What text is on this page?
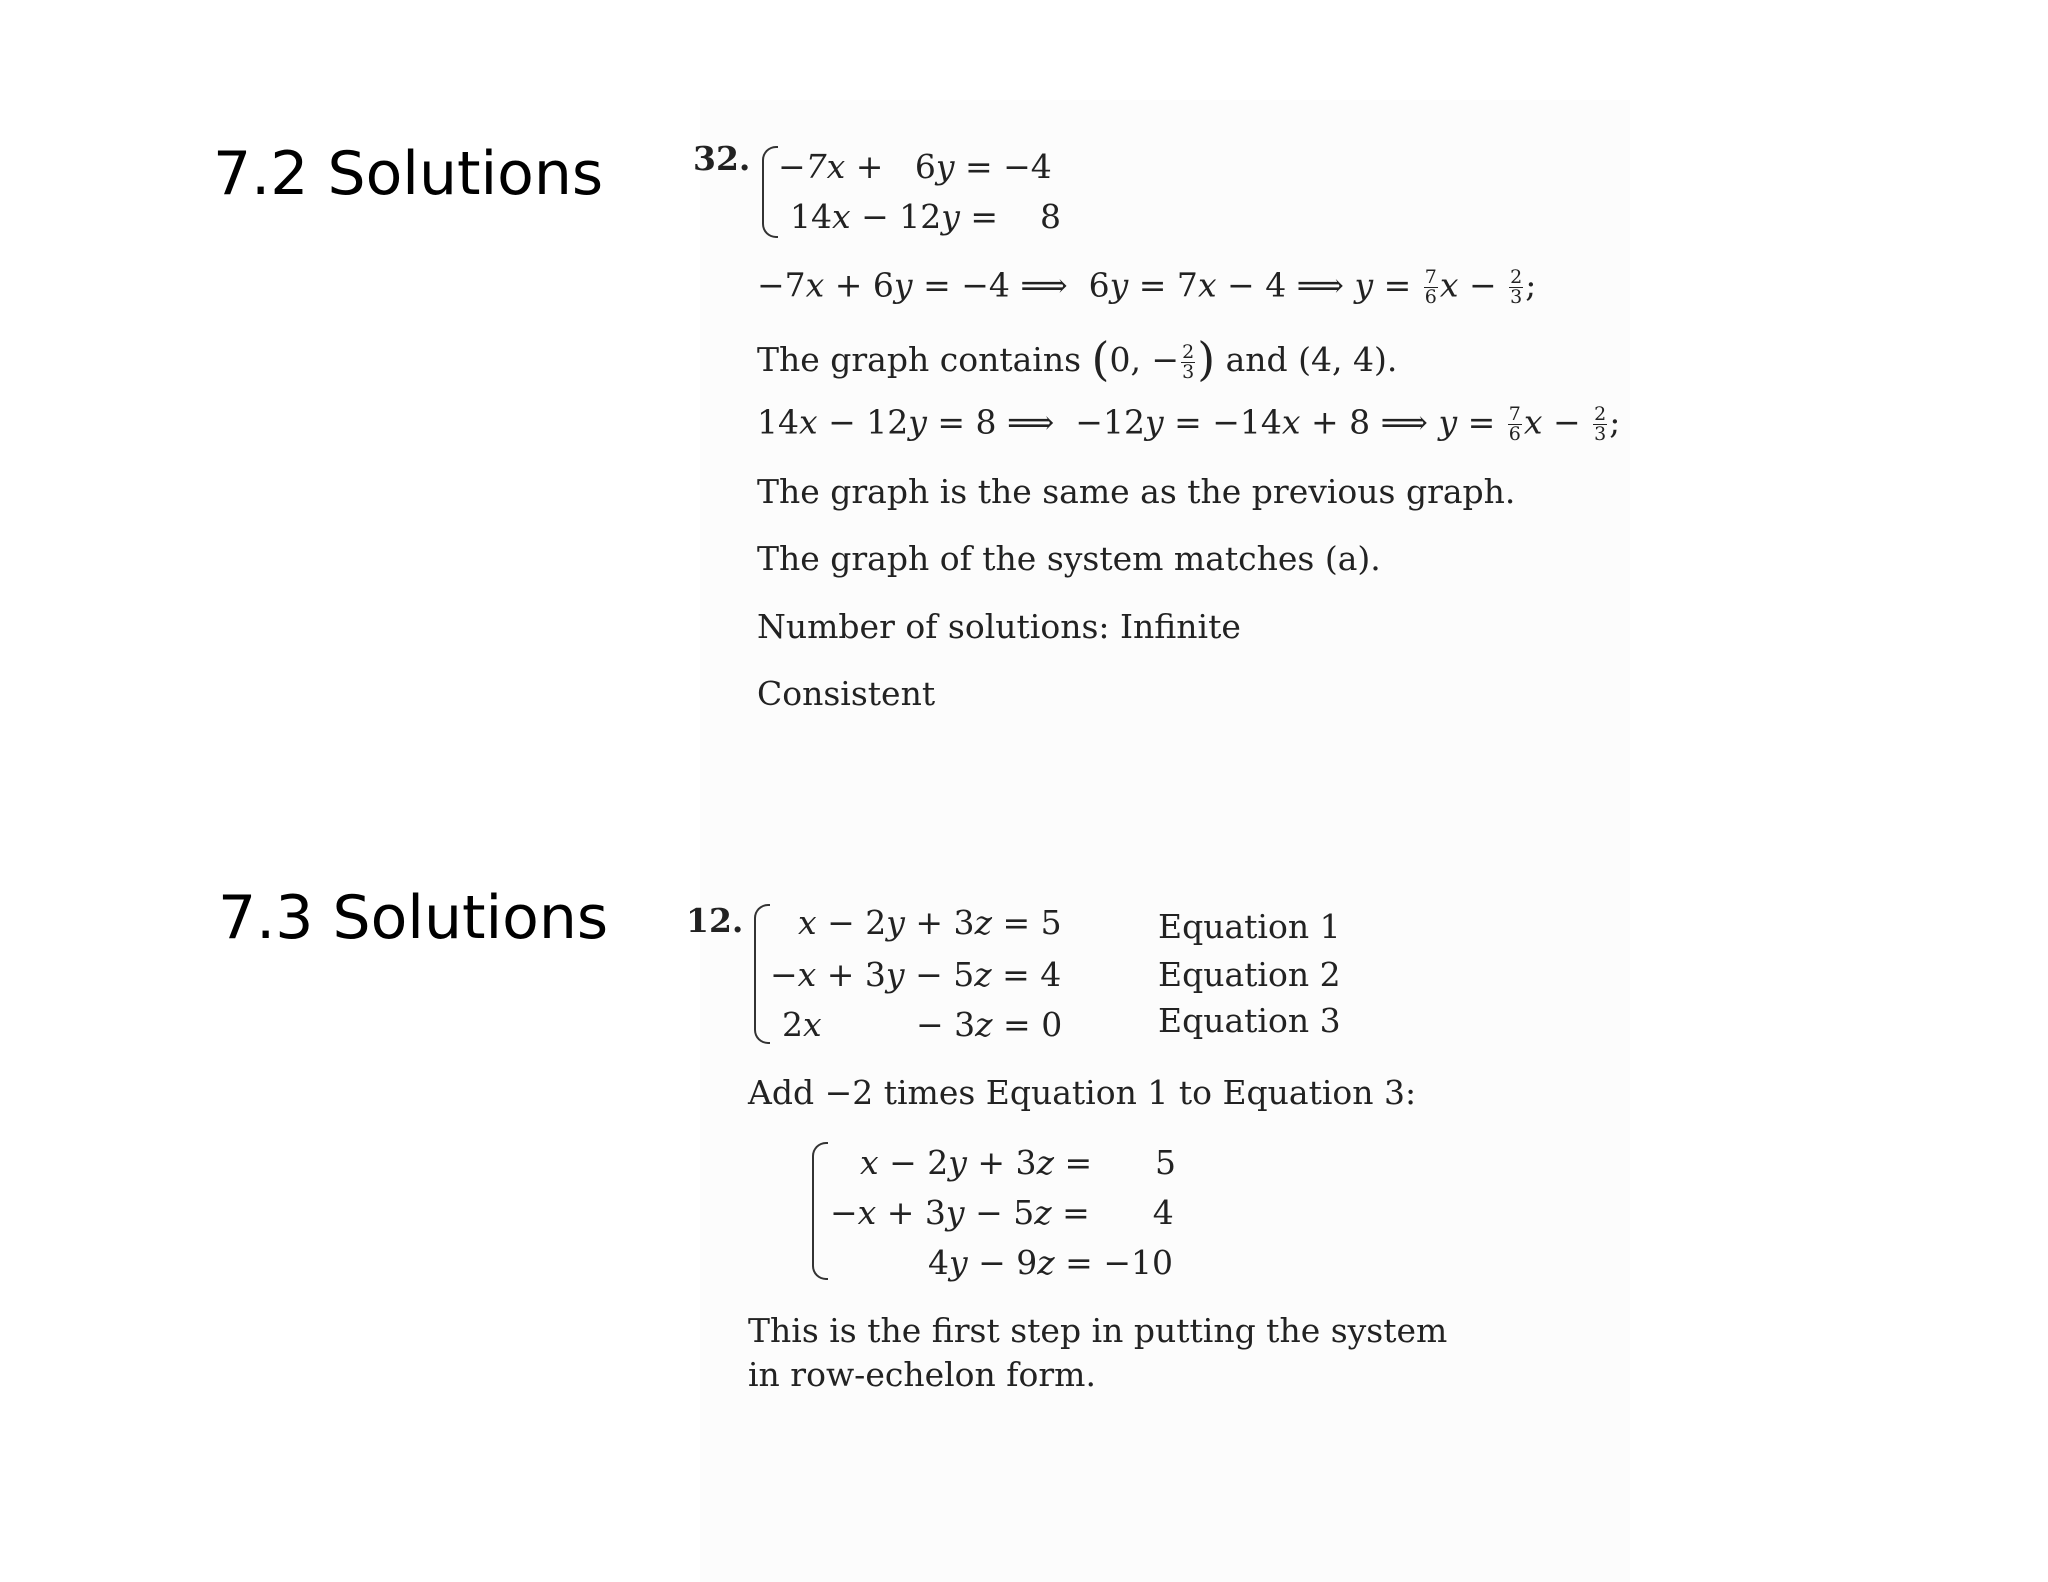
7.2 Solutions	32. −7x +   6y = −4
14x − 12y =    8
−7x + 6y = −4 ⟹  6y = 7x − 4 ⟹ $y = \frac{7}{6}$ $x - \frac{2}{3}$ ;
The graph contains (0, − $\frac{2}{3}$ ) and (4, 4).
14x − 12y = 8 ⟹  −12y = −14x + 8 ⟹ $y = \frac{7}{6}$ $x - \frac{2}{3}$ ;
The graph is the same as the previous graph.
The graph of the system matches (a).
Number of solutions: Infinite
Consistent
7.3 Solutions 12. x − 2y + 3z = 5
−x + 3y − 5z = 4
2x         − 3z = 0
Equation 1
Equation 2
Equation 3
Add −2 times Equation 1 to Equation 3:
x − 2y + 3z =      5
−x + 3y − 5z =      4
4y − 9z = −10
This is the first step in putting the system
in row-echelon form.
